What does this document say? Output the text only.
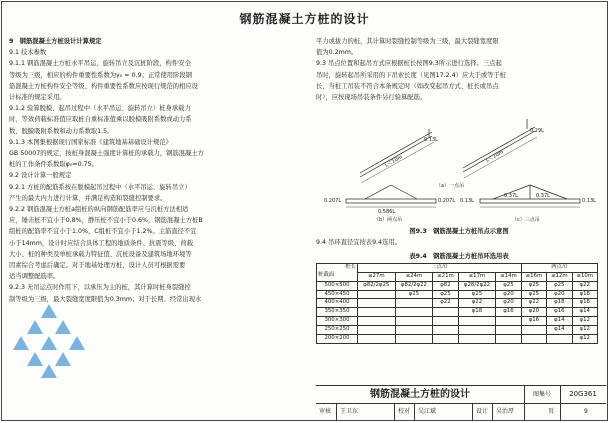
钢筋混凝土方桩的设计

9　钢筋混凝土方桩设计计算规定

9.1 技术参数

9.1.1 钢筋混凝土方桩水平吊运、旋转吊立及沉桩阶段，构件安全

等级为三级，相应的构件重要性系数为γ₀ = 0.9；正常使用阶段钢

筋混凝土方桩构件安全等级、构件重要性系数应按现行规范的相应设

计标准的规定采用。

9.1.2 验算脱模、起吊过程中（水平吊运、旋转吊立）桩身承载力

时，等效荷载标准值应取桩自重标准值乘以脱模吸附系数或动力系

数，脱膜吸附系数和动力系数取1.5。

9.1.3 本图集根据现行国家标准《建筑地基基础设计规范》

GB 50007的规定，按桩身混凝土强度计算桩的承载力，钢筋混凝土方

桩的工作条件系数取φ₀=0.75。

9.2 设计计算一般规定

9.2.1 方桩的配筋系按在脱模起吊过程中（水平吊运、旋转吊立）

产生的最大内力进行计算，并满足构造和裂缝控制要求。

9.2.2 钢筋混凝土方桩a组桩的纵向钢筋配筋率应与沉桩方法相适

应，锤击桩不宜小于0.8%，静压桩不宜小于0.6%，钢筋混凝土方桩B

组桩的配筋率不宜小于1.0%，C组桩不宜小于1.2%。主筋直径不宜

小于14mm，设计时应结合具体工程的地质条件、抗震等级、荷载

大小、桩的种类及单桩承载力特征值、沉桩设备及建筑场地环境等

因素综合考虑后确定。对于地基处理方桩，设计人员可根据需要

适当调整配筋率。

9.2.3 无吊运点时作用下，以承压为主的桩，其计算时桩身裂缝控

制等级为三级，最大裂缝宽度限值为0.3mm；对于长期、经常出现水

平力或拔力的桩，其计算时裂缝控制等级为三级，最大裂缝宽度限

值为0.2mm。

9.3 吊点位置和起吊方式应根据桩长按图9.3所示进行选择。三点起

吊时，旋转起吊所采用的下吊索长度（见图17.2.4）应大于或等于桩

长，当桩工吊装不符合本条规定时（如改变起吊方式、桩长或吊点

时），应按现场吊装条件另行验算配筋。

0.13L
L＜10m
0.29L
L＜10m
（a）一点吊
0.207L
0.586L
0.207L
（b）两点吊
0.13L
0.37L	0.37L
0.13L
（c）三点吊
图9.3　钢筋混凝土方桩吊点示意图

9.4 吊环直径宜按表9.4选用。

表9.4　钢筋混凝土方桩吊环选用表
桩长

桩截面	三点吊					两点吊		
	≤27m	≤24m	≤21m	≤17m	≤14m	≤16m	≤12m	≤10m
500×500	φ82/2φ25	φ82/2φ22	φ82	φ28/2φ22	φ25	φ25	φ25	φ22
450×450		φ25	φ25	φ25	φ20	φ25	φ20	φ18
400×400			φ22	φ22	φ20	φ22	φ18	φ18
350×350				φ18	φ16	φ20	φ16	φ14
300×300						φ16	φ14	φ12
250×250							φ14	φ12
200×200								φ12
钢筋混凝土方桩的设计	图集号	20G361
审核 王卫东	校对 吴江斌	设计 吴治厚	页	9
